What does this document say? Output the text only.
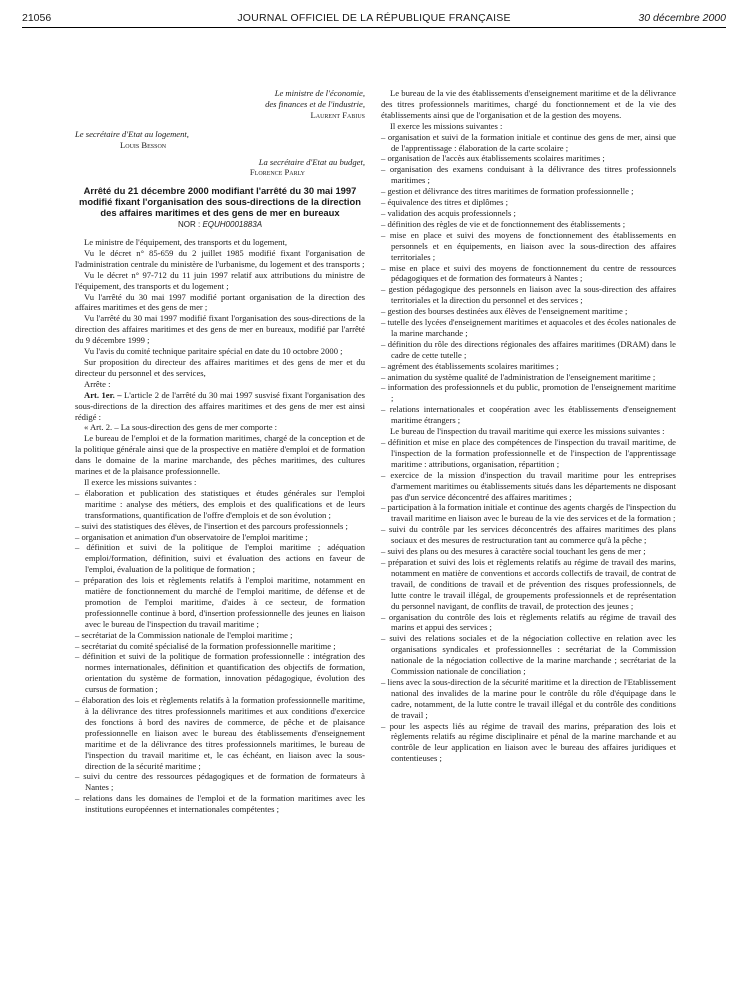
21056	JOURNAL OFFICIEL DE LA RÉPUBLIQUE FRANÇAISE	30 décembre 2000
Le ministre de l'économie,
des finances et de l'industrie,
Laurent Fabius
Le secrétaire d'Etat au logement,
Louis Besson
La secrétaire d'Etat au budget,
Florence Parly
Arrêté du 21 décembre 2000 modifiant l'arrêté du 30 mai 1997 modifié fixant l'organisation des sous-directions de la direction des affaires maritimes et des gens de mer en bureaux
NOR : EQUH0001883A

Le ministre de l'équipement, des transports et du logement,

Vu le décret n° 85-659 du 2 juillet 1985 modifié fixant l'organisation de l'administration centrale du ministère de l'urbanisme, du logement et des transports ;

Vu le décret n° 97-712 du 11 juin 1997 relatif aux attributions du ministre de l'équipement, des transports et du logement ;

Vu l'arrêté du 30 mai 1997 modifié portant organisation de la direction des affaires maritimes et des gens de mer ;

Vu l'arrêté du 30 mai 1997 modifié fixant l'organisation des sous-directions de la direction des affaires maritimes et des gens de mer en bureaux, modifié par l'arrêté du 9 décembre 1999 ;

Vu l'avis du comité technique paritaire spécial en date du 10 octobre 2000 ;

Sur proposition du directeur des affaires maritimes et des gens de mer et du directeur du personnel et des services,

Arrête :

Art. 1er. – L'article 2 de l'arrêté du 30 mai 1997 susvisé fixant l'organisation des sous-directions de la direction des affaires maritimes et des gens de mer est ainsi rédigé :

« Art. 2. – La sous-direction des gens de mer comporte :

Le bureau de l'emploi et de la formation maritimes, chargé de la conception et de la politique générale ainsi que de la prospective en matière d'emploi et de formation dans le domaine de la marine marchande, des pêches maritimes, des cultures marines et de la plaisance professionnelle.

Il exerce les missions suivantes :

– élaboration et publication des statistiques et études générales sur l'emploi maritime : analyse des métiers, des emplois et des qualifications et de leurs transformations, quantification de l'offre d'emplois et de son évolution ;
– suivi des statistiques des élèves, de l'insertion et des parcours professionnels ;
– organisation et animation d'un observatoire de l'emploi maritime ;
– définition et suivi de la politique de l'emploi maritime ; adéquation emploi/formation, définition, suivi et évaluation des actions en faveur de l'emploi, évaluation de la politique de formation ;
– préparation des lois et règlements relatifs à l'emploi maritime, notamment en matière de fonctionnement du marché de l'emploi maritime, de défense et de promotion de l'emploi maritime, d'aides à ce secteur, de formation professionnelle continue à bord, d'insertion professionnelle des jeunes en liaison avec le bureau de l'inspection du travail maritime ;
– secrétariat de la Commission nationale de l'emploi maritime ;
– secrétariat du comité spécialisé de la formation professionnelle maritime ;
– définition et suivi de la politique de formation professionnelle : intégration des normes internationales, définition et quantification des objectifs de formation, orientation du système de formation, innovation pédagogique, évolution des cursus de formation ;
– élaboration des lois et règlements relatifs à la formation professionnelle maritime, à la délivrance des titres professionnels maritimes et aux conditions d'exercice des fonctions à bord des navires de commerce, de pêche et de plaisance professionnelle en liaison avec le bureau des établissements d'enseignement maritime et de la délivrance des titres professionnels maritimes, le bureau de l'inspection du travail maritime et, le cas échéant, en liaison avec la sous-direction de la sécurité maritime ;
– suivi du centre des ressources pédagogiques et de formation de formateurs à Nantes ;
– relations dans les domaines de l'emploi et de la formation maritimes avec les institutions européennes et internationales compétentes ;

Le bureau de la vie des établissements d'enseignement maritime et de la délivrance des titres professionnels maritimes, chargé du fonctionnement et de la vie des établissements ainsi que de l'organisation et de la gestion des moyens.

Il exerce les missions suivantes :

– organisation et suivi de la formation initiale et continue des gens de mer, ainsi que de l'apprentissage : élaboration de la carte scolaire ;
– organisation de l'accès aux établissements scolaires maritimes ;
– organisation des examens conduisant à la délivrance des titres professionnels maritimes ;
– gestion et délivrance des titres maritimes de formation professionnelle ;
– équivalence des titres et diplômes ;
– validation des acquis professionnels ;
– définition des règles de vie et de fonctionnement des établissements ;
– mise en place et suivi des moyens de fonctionnement des établissements en personnels et en équipements, en liaison avec la sous-direction des affaires territoriales ;
– mise en place et suivi des moyens de fonctionnement du centre de ressources pédagogiques et de formation des formateurs à Nantes ;
– gestion pédagogique des personnels en liaison avec la sous-direction des affaires territoriales et la direction du personnel et des services ;
– gestion des bourses destinées aux élèves de l'enseignement maritime ;
– tutelle des lycées d'enseignement maritimes et aquacoles et des écoles nationales de la marine marchande ;
– définition du rôle des directions régionales des affaires maritimes (DRAM) dans le cadre de cette tutelle ;
– agrément des établissements scolaires maritimes ;
– animation du système qualité de l'administration de l'enseignement maritime ;
– information des professionnels et du public, promotion de l'enseignement maritime ;
– relations internationales et coopération avec les établissements d'enseignement maritime étrangers ;

Le bureau de l'inspection du travail maritime qui exerce les missions suivantes :

– définition et mise en place des compétences de l'inspection du travail maritime, de l'inspection de la formation professionnelle et de l'inspection de l'apprentissage maritime : attributions, organisation, répartition ;
– exercice de la mission d'inspection du travail maritime pour les entreprises d'armement maritimes ou établissements situés dans les départements ne disposant pas d'un service déconcentré des affaires maritimes ;
– participation à la formation initiale et continue des agents chargés de l'inspection du travail maritime en liaison avec le bureau de la vie des services et de la formation ;
– suivi du contrôle par les services déconcentrés des affaires maritimes des plans sociaux et des mesures de restructuration tant au commerce qu'à la pêche ;
– suivi des plans ou des mesures à caractère social touchant les gens de mer ;
– préparation et suivi des lois et règlements relatifs au régime de travail des marins, notamment en matière de conventions et accords collectifs de travail, de contrat de travail, de conditions de travail et de prévention des risques professionnels, de lutte contre le travail illégal, de groupements professionnels et de représentation du personnel navigant, de conflits de travail, de protection des jeunes ;
– organisation du contrôle des lois et règlements relatifs au régime de travail des marins et appui des services ;
– suivi des relations sociales et de la négociation collective en relation avec les organisations syndicales et professionnelles : secrétariat de la Commission nationale de la négociation collective de la marine marchande ; secrétariat de la Commission nationale de conciliation ;
– liens avec la sous-direction de la sécurité maritime et la direction de l'Etablissement national des invalides de la marine pour le contrôle du rôle d'équipage dans le cadre, notamment, de la lutte contre le travail illégal et du contrôle des conditions de travail ;
– pour les aspects liés au régime de travail des marins, préparation des lois et règlements relatifs au régime disciplinaire et pénal de la marine marchande et au contrôle de leur application en liaison avec le bureau des affaires juridiques et contentieuses ;
